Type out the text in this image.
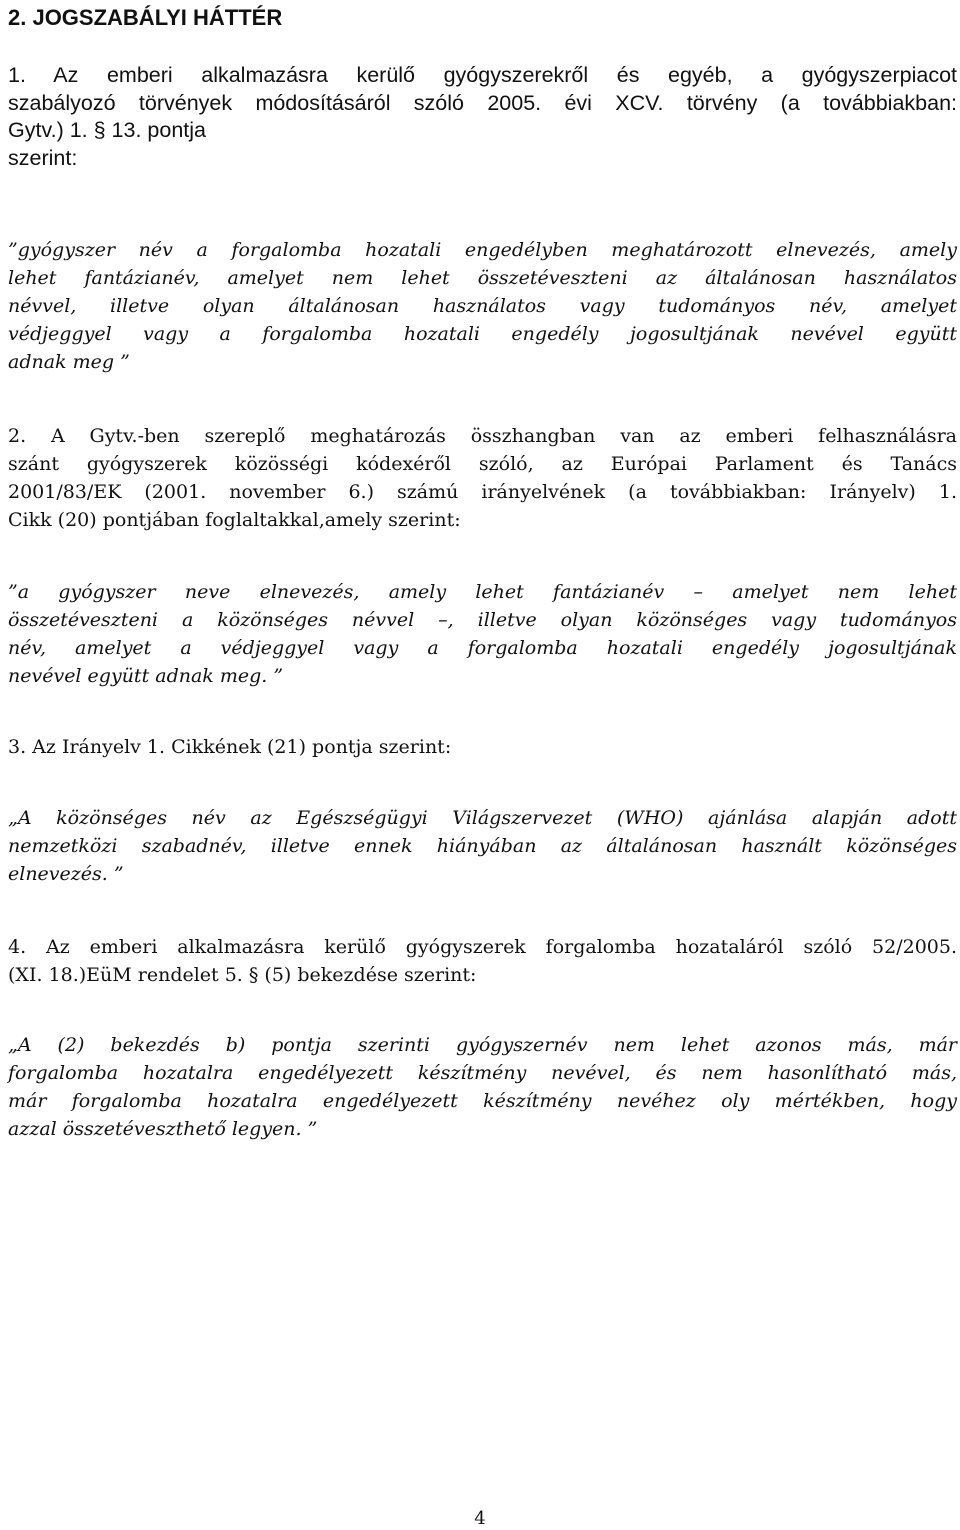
2. JOGSZABÁLYI HÁTTÉR

1. Az emberi alkalmazásra kerülő gyógyszerekről és egyéb, a gyógyszerpiacot
szabályozó törvények módosításáról szóló 2005. évi XCV. törvény (a továbbiakban:
Gytv.) 1. § 13. pontja
szerint:

”gyógyszer név a forgalomba hozatali engedélyben meghatározott elnevezés, amely
lehet fantázianév, amelyet nem lehet összetéveszteni az általánosan használatos
névvel, illetve olyan általánosan használatos vagy tudományos név, amelyet
védjeggyel vagy a forgalomba hozatali engedély jogosultjának nevével együtt
adnak meg ”

2. A Gytv.-ben szereplő meghatározás összhangban van az emberi felhasználásra
szánt gyógyszerek közösségi kódexéről szóló, az Európai Parlament és Tanács
2001/83/EK (2001. november 6.) számú irányelvének (a továbbiakban: Irányelv) 1.
Cikk (20) pontjában foglaltakkal,amely szerint:

”a gyógyszer neve elnevezés, amely lehet fantázianév – amelyet nem lehet
összetéveszteni a közönséges névvel –, illetve olyan közönséges vagy tudományos
név, amelyet a védjeggyel vagy a forgalomba hozatali engedély jogosultjának
nevével együtt adnak meg. ”

3. Az Irányelv 1. Cikkének (21) pontja szerint:

„A közönséges név az Egészségügyi Világszervezet (WHO) ajánlása alapján adott
nemzetközi szabadnév, illetve ennek hiányában az általánosan használt közönséges
elnevezés. ”

4. Az emberi alkalmazásra kerülő gyógyszerek forgalomba hozataláról szóló 52/2005.
(XI. 18.)EüM rendelet 5. § (5) bekezdése szerint:

„A (2) bekezdés b) pontja szerinti gyógyszernév nem lehet azonos más, már
forgalomba hozatalra engedélyezett készítmény nevével, és nem hasonlítható más,
már forgalomba hozatalra engedélyezett készítmény nevéhez oly mértékben, hogy
azzal összetéveszthető legyen. ”

4
